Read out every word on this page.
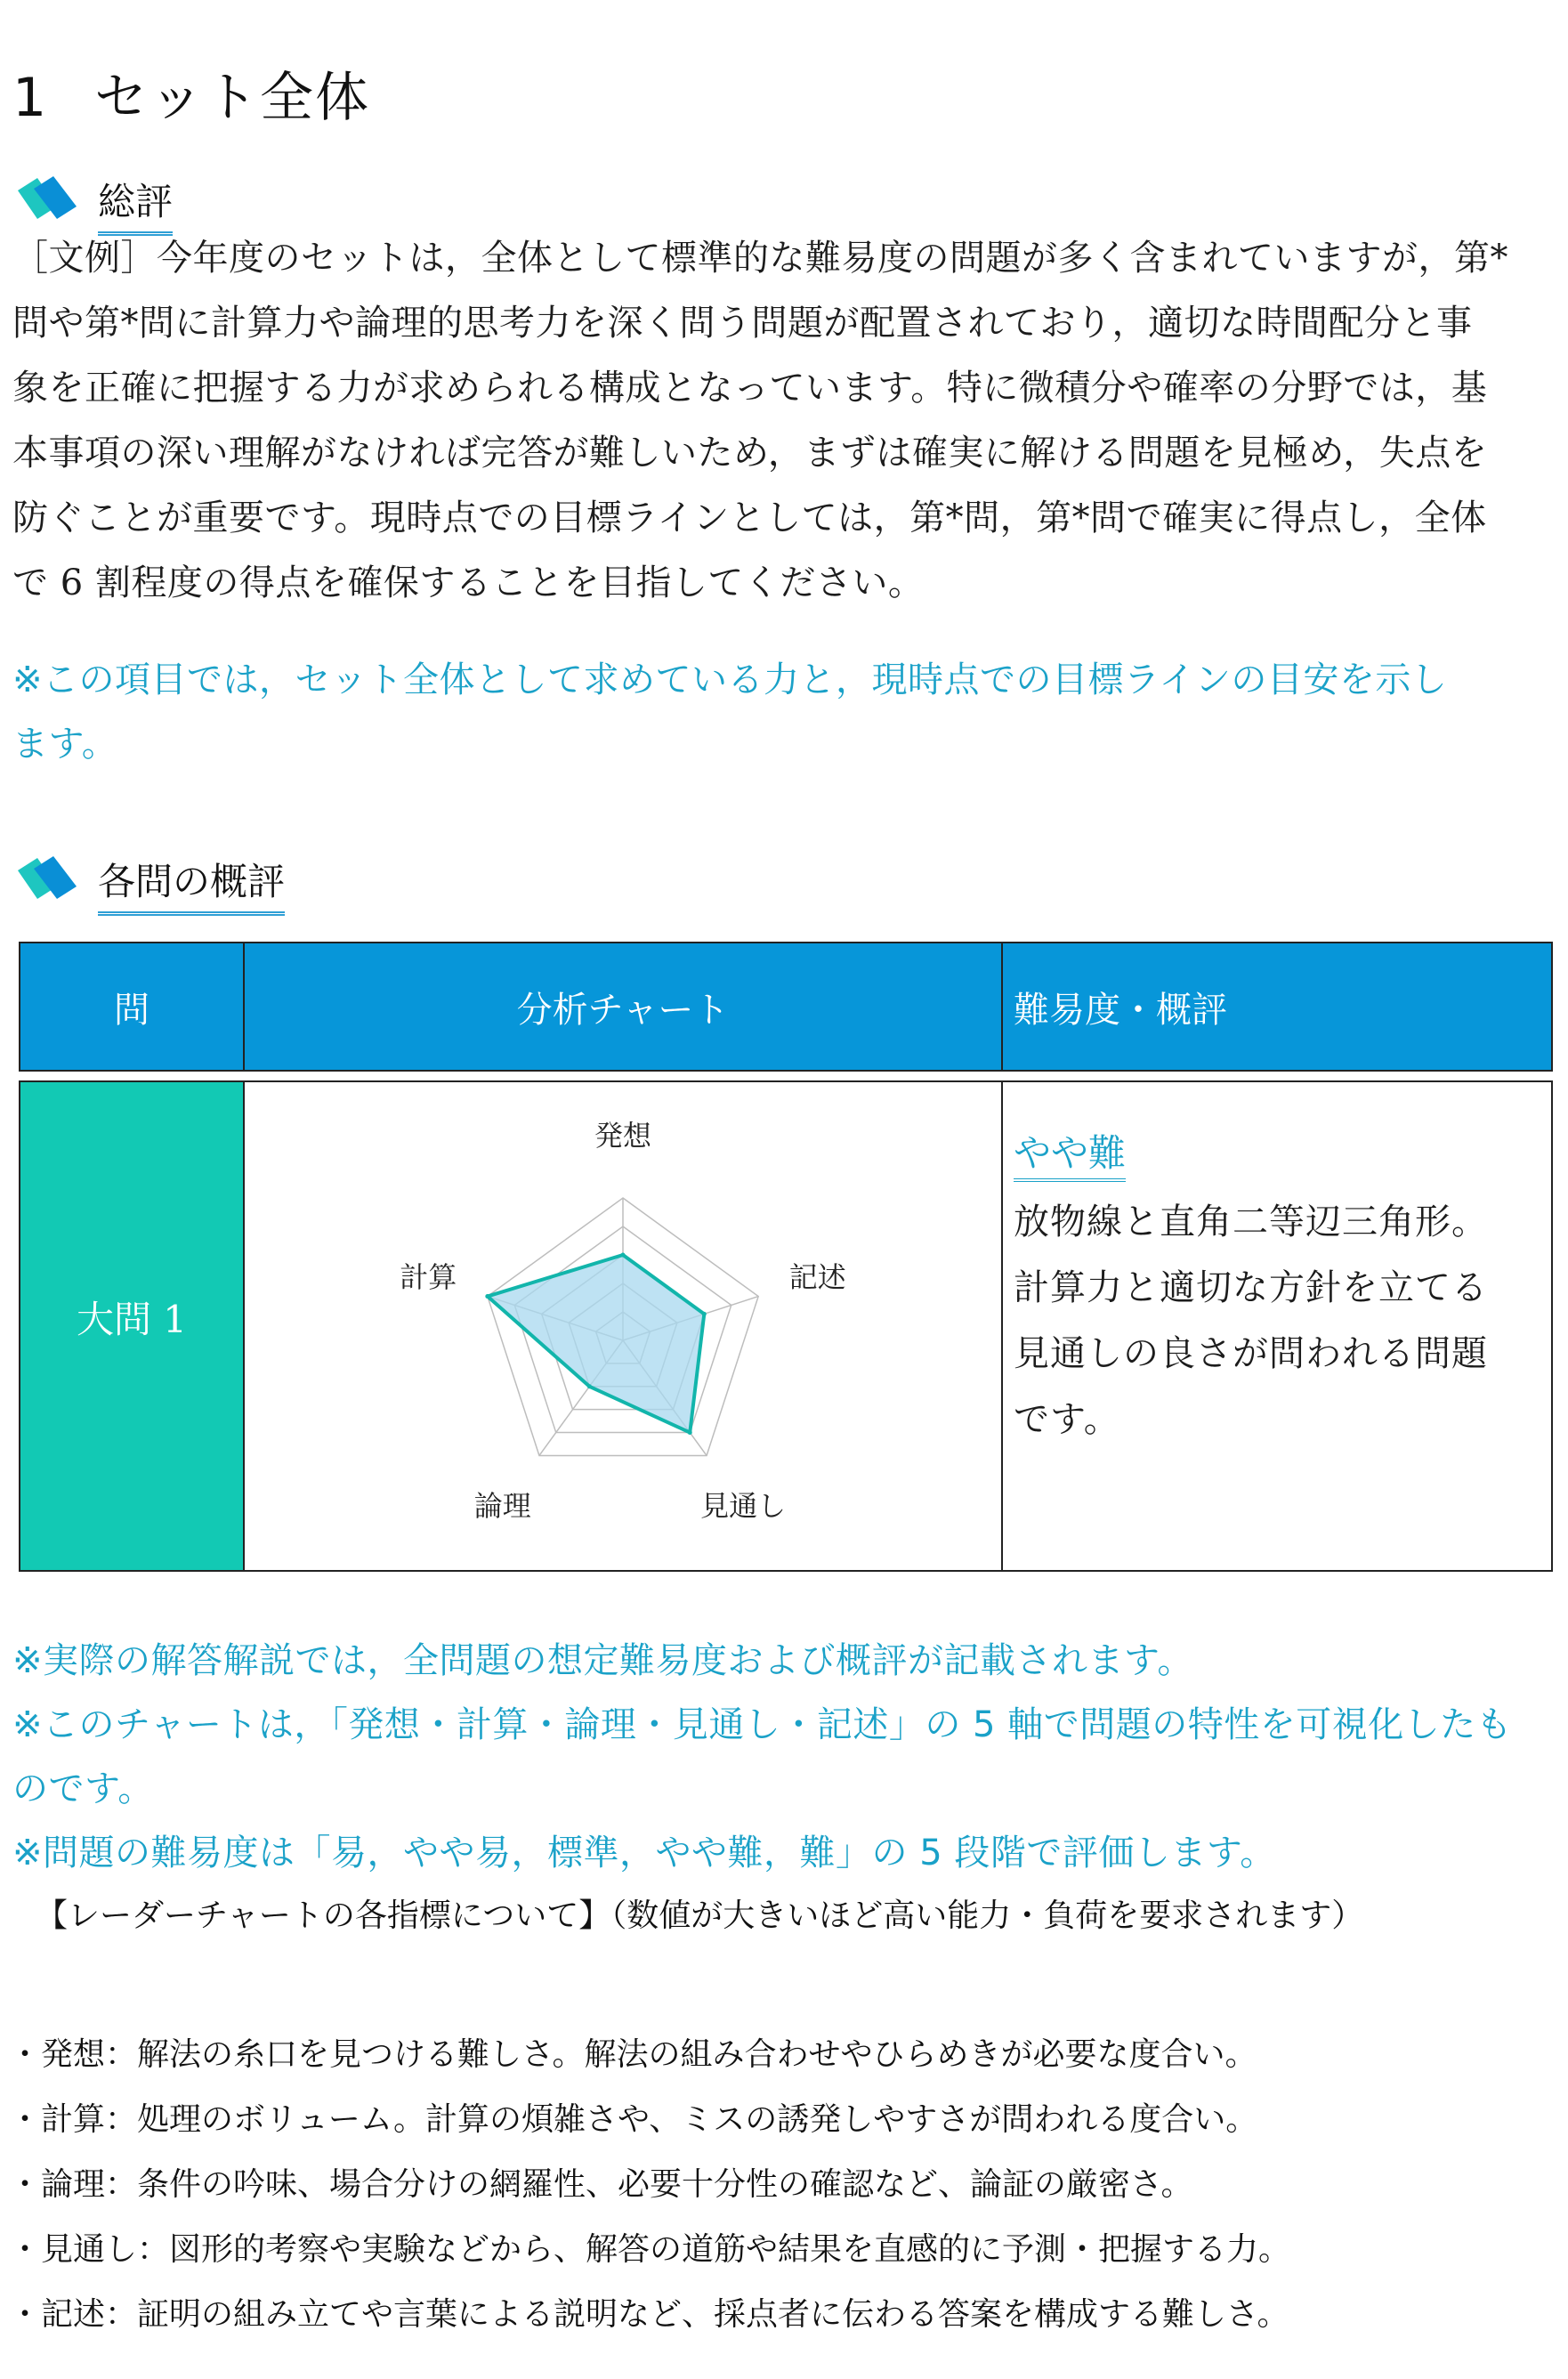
1 セット全体
総評
［文例］今年度のセットは，全体として標準的な難易度の問題が多く含まれていますが，第*
問や第*問に計算力や論理的思考力を深く問う問題が配置されており，適切な時間配分と事
象を正確に把握する力が求められる構成となっています。特に微積分や確率の分野では，基
本事項の深い理解がなければ完答が難しいため，まずは確実に解ける問題を見極め，失点を
防ぐことが重要です。現時点での目標ラインとしては，第*問，第*問で確実に得点し，全体
で 6 割程度の得点を確保することを目指してください。
※この項目では，セット全体として求めている力と，現時点での目標ラインの目安を示し
ます。
各問の概評
問	分析チャート	難易度・概評
大問 1
発想
記述
見通し
論理
計算
やや難
放物線と直角二等辺三角形。
計算力と適切な方針を立てる
見通しの良さが問われる問題
です。
※実際の解答解説では，全問題の想定難易度および概評が記載されます。
※このチャートは，「発想・計算・論理・見通し・記述」の 5 軸で問題の特性を可視化したも
のです。
※問題の難易度は「易，やや易，標準，やや難，難」の 5 段階で評価します。
【レーダーチャートの各指標について】（数値が大きいほど高い能力・負荷を要求されます）
・発想：解法の糸口を見つける難しさ。解法の組み合わせやひらめきが必要な度合い。
・計算：処理のボリューム。計算の煩雑さや、ミスの誘発しやすさが問われる度合い。
・論理：条件の吟味、場合分けの網羅性、必要十分性の確認など、論証の厳密さ。
・見通し：図形的考察や実験などから、解答の道筋や結果を直感的に予測・把握する力。
・記述：証明の組み立てや言葉による説明など、採点者に伝わる答案を構成する難しさ。
